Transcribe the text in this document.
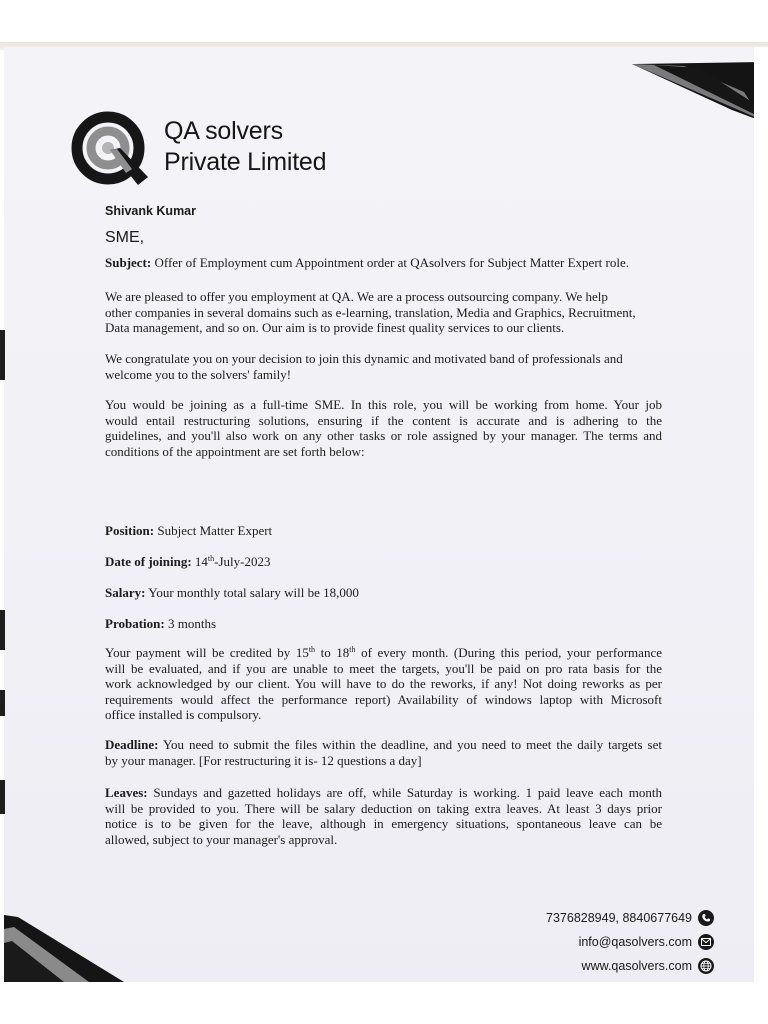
QA solvers
Private Limited
Shivank Kumar
SME,

Subject: Offer of Employment cum Appointment order at QAsolvers for Subject Matter Expert role.

We are pleased to offer you employment at QA. We are a process outsourcing company. We help
other companies in several domains such as e-learning, translation, Media and Graphics, Recruitment,
Data management, and so on. Our aim is to provide finest quality services to our clients.

We congratulate you on your decision to join this dynamic and motivated band of professionals and
welcome you to the solvers' family!

You would be joining as a full-time SME. In this role, you will be working from home. Your job
would entail restructuring solutions, ensuring if the content is accurate and is adhering to the
guidelines, and you'll also work on any other tasks or role assigned by your manager. The terms and
conditions of the appointment are set forth below:

Position: Subject Matter Expert

Date of joining: 14th-July-2023

Salary: Your monthly total salary will be 18,000

Probation: 3 months

Your payment will be credited by 15th to 18th of every month. (During this period, your performance
will be evaluated, and if you are unable to meet the targets, you'll be paid on pro rata basis for the
work acknowledged by our client. You will have to do the reworks, if any! Not doing reworks as per
requirements would affect the performance report) Availability of windows laptop with Microsoft
office installed is compulsory.
Deadline: You need to submit the files within the deadline, and you need to meet the daily targets set
by your manager. [For restructuring it is- 12 questions a day]
Leaves: Sundays and gazetted holidays are off, while Saturday is working. 1 paid leave each month
will be provided to you. There will be salary deduction on taking extra leaves. At least 3 days prior
notice is to be given for the leave, although in emergency situations, spontaneous leave can be
allowed, subject to your manager's approval.
7376828949, 8840677649
info@qasolvers.com
www.qasolvers.com
